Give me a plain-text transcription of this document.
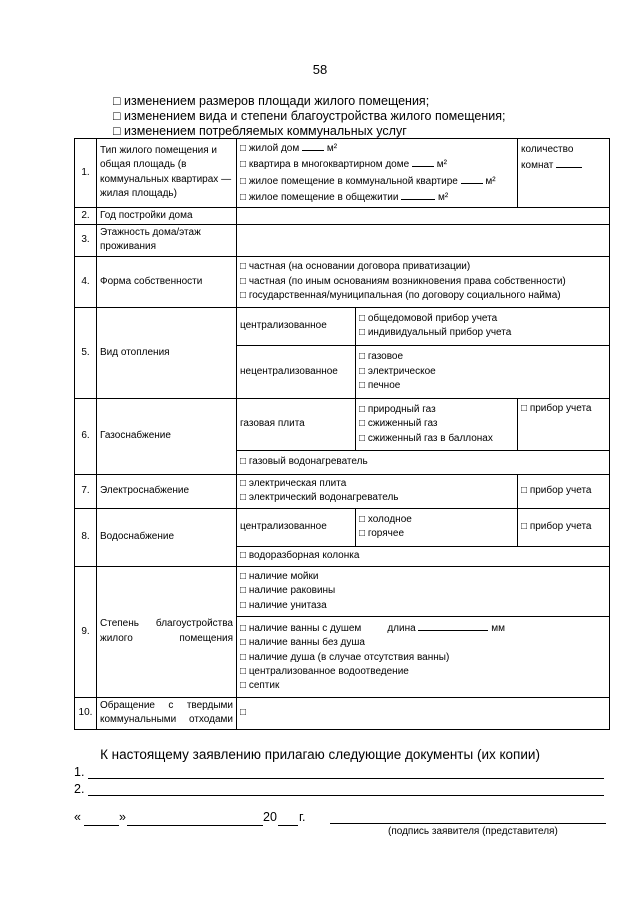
58
□ изменением размеров площади жилого помещения;
□ изменением вида и степени благоустройства жилого помещения;
□ изменением потребляемых коммунальных услуг
1.	Тип жилого помещения и общая площадь (в коммунальных квартирах — жилая площадь)	□ жилой дом м²
□ квартира в многоквартирном доме м²
□ жилое помещение в коммунальной квартире м²
□ жилое помещение в общежитии м²		количество комнат
2.	Год постройки дома			
3.	Этажность дома/этаж проживания			
4.	Форма собственности	□ частная (на основании договора приватизации)
□ частная (по иным основаниям возникновения права собственности)
□ государственная/муниципальная (по договору социального найма)		

5.	Вид отопления	централизованное	□ общедомовой прибор учета
□ индивидуальный прибор учета	

		нецентрализованное	□ газовое
□ электрическое
□ печное	

6.	Газоснабжение	газовая плита	□ природный газ
□ сжиженный газ
□ сжиженный газ в баллонах	□ прибор учета
		□ газовый водонагреватель		
7.	Электроснабжение	□ электрическая плита
□ электрический водонагреватель		□ прибор учета
8.	Водоснабжение	централизованное	□ холодное
□ горячее	□ прибор учета
		□ водоразборная колонка		
9.	Степень благоустройства жилого помещения	□ наличие мойки
□ наличие раковины
□ наличие унитаза		

		□ наличие ванны с душем длина мм
□ наличие ванны без душа
□ наличие душа (в случае отсутствия ванны)
□ централизованное водоотведение
□ септик		

10.	Обращение с твердыми коммунальными отходами	□		
К настоящему заявлению прилагаю следующие документы (их копии)
1.
2.
«	»	20 г.
(подпись заявителя (представителя)
